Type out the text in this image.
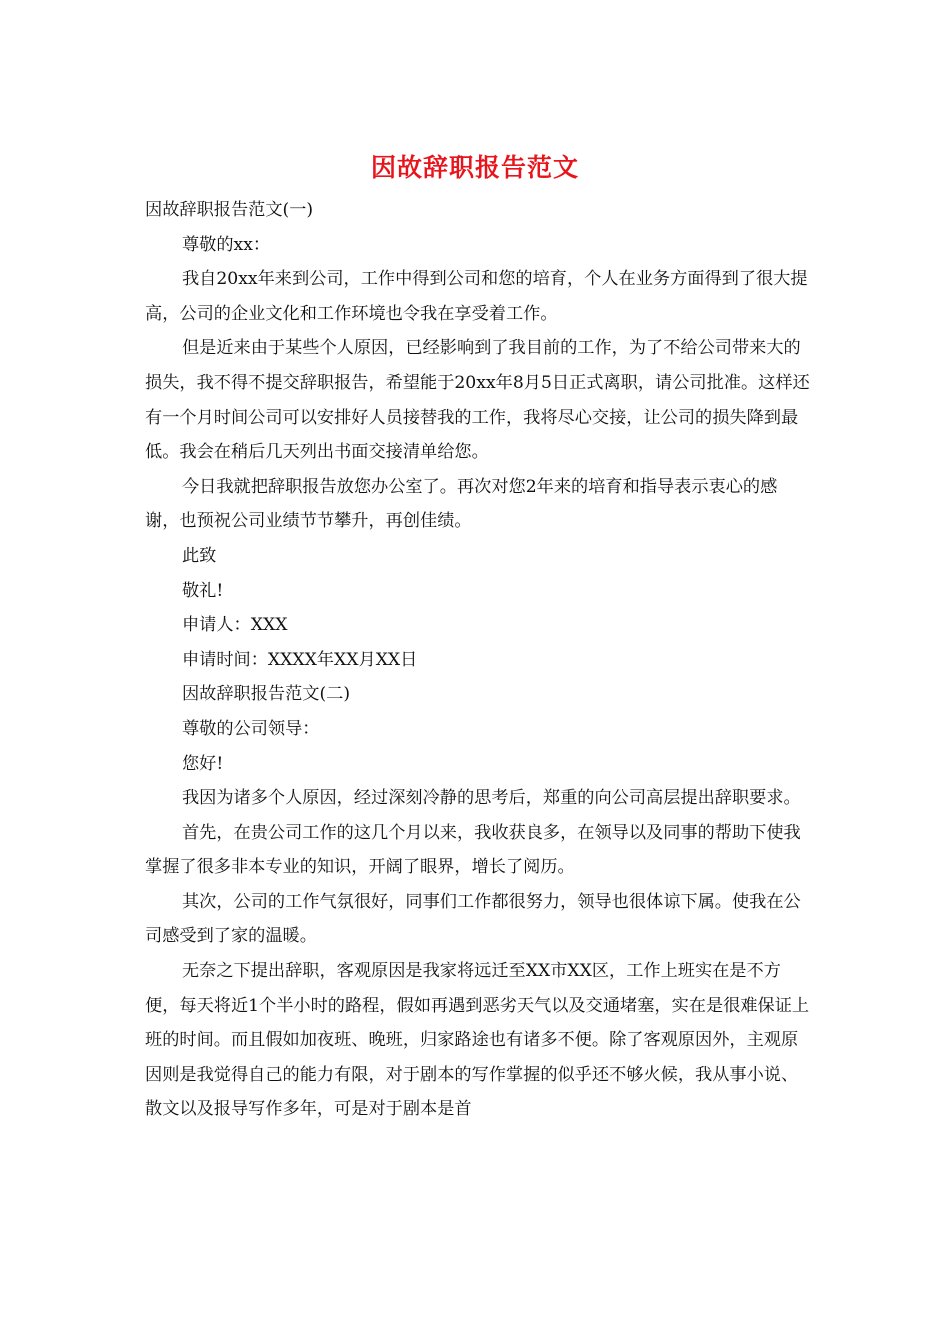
因故辞职报告范文

因故辞职报告范文(一)

尊敬的xx：

我自20xx年来到公司，工作中得到公司和您的培育，个人在业务方面得到了很大提高，公司的企业文化和工作环境也令我在享受着工作。

但是近来由于某些个人原因，已经影响到了我目前的工作，为了不给公司带来大的损失，我不得不提交辞职报告，希望能于20xx年8月5日正式离职，请公司批准。这样还有一个月时间公司可以安排好人员接替我的工作，我将尽心交接，让公司的损失降到最低。我会在稍后几天列出书面交接清单给您。

今日我就把辞职报告放您办公室了。再次对您2年来的培育和指导表示衷心的感谢，也预祝公司业绩节节攀升，再创佳绩。

此致

敬礼!

申请人：XXX

申请时间：XXXX年XX月XX日

因故辞职报告范文(二)

尊敬的公司领导：

您好!

我因为诸多个人原因，经过深刻冷静的思考后，郑重的向公司高层提出辞职要求。

首先，在贵公司工作的这几个月以来，我收获良多，在领导以及同事的帮助下使我掌握了很多非本专业的知识，开阔了眼界，增长了阅历。

其次，公司的工作气氛很好，同事们工作都很努力，领导也很体谅下属。使我在公司感受到了家的温暖。

无奈之下提出辞职，客观原因是我家将远迁至XX市XX区，工作上班实在是不方便，每天将近1个半小时的路程，假如再遇到恶劣天气以及交通堵塞，实在是很难保证上班的时间。而且假如加夜班、晚班，归家路途也有诸多不便。除了客观原因外，主观原因则是我觉得自己的能力有限，对于剧本的写作掌握的似乎还不够火候，我从事小说、散文以及报导写作多年，可是对于剧本是首
